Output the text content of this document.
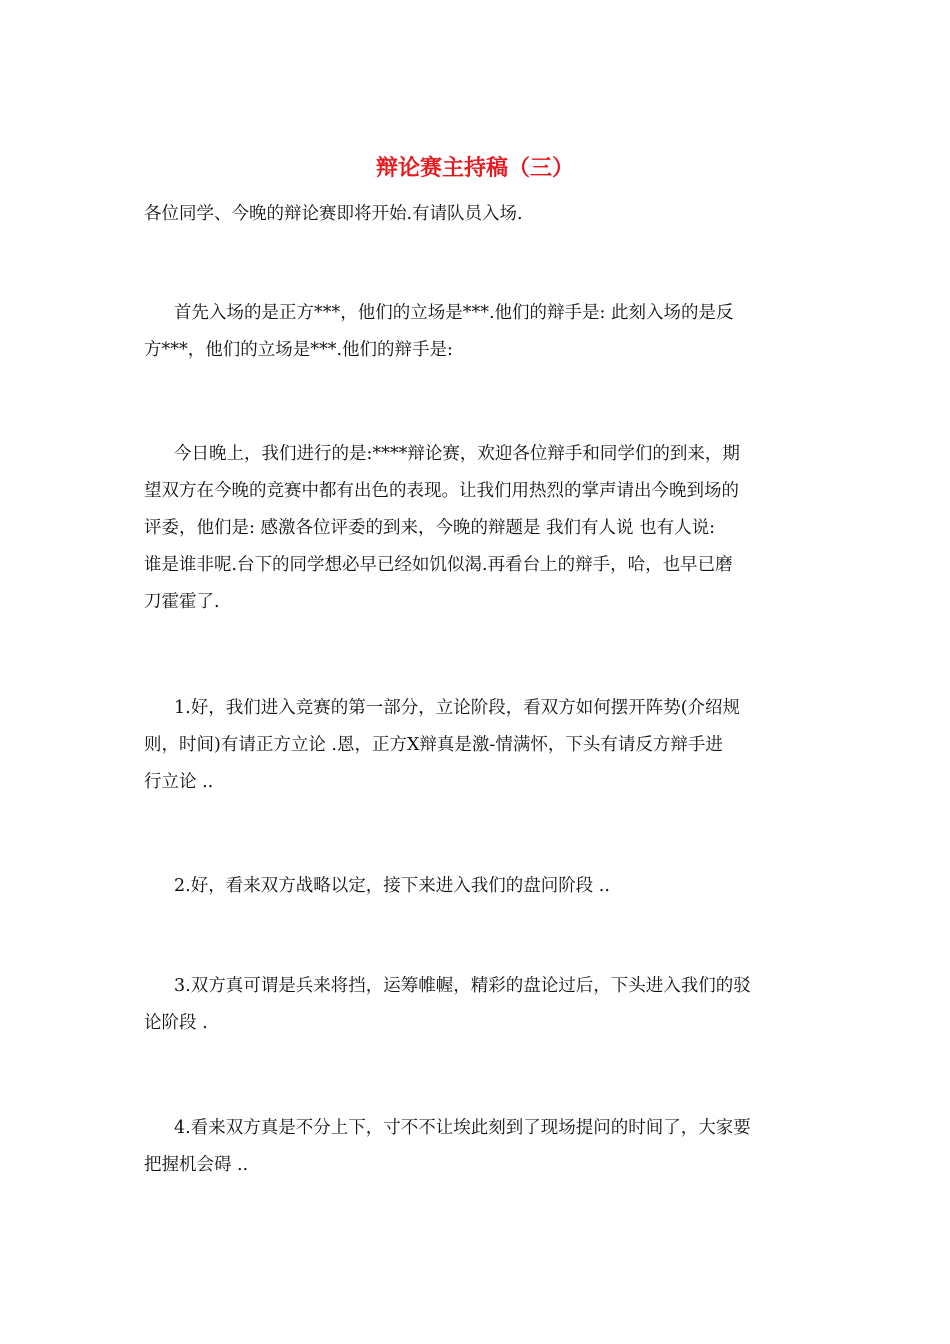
辩论赛主持稿（三）
各位同学、今晚的辩论赛即将开始.有请队员入场.
首先入场的是正方***，他们的立场是***.他们的辩手是: 此刻入场的是反
方***，他们的立场是***.他们的辩手是:
今日晚上，我们进行的是:****辩论赛，欢迎各位辩手和同学们的到来，期
望双方在今晚的竞赛中都有出色的表现。让我们用热烈的掌声请出今晚到场的
评委，他们是: 感激各位评委的到来，今晚的辩题是 我们有人说 也有人说:
谁是谁非呢.台下的同学想必早已经如饥似渴.再看台上的辩手，哈，也早已磨
刀霍霍了.
1.好，我们进入竞赛的第一部分，立论阶段，看双方如何摆开阵势(介绍规
则，时间)有请正方立论 .恩，正方X辩真是激-情满怀，下头有请反方辩手进
行立论 ..
2.好，看来双方战略以定，接下来进入我们的盘问阶段 ..
3.双方真可谓是兵来将挡，运筹帷幄，精彩的盘论过后，下头进入我们的驳
论阶段 .
4.看来双方真是不分上下，寸不不让埃此刻到了现场提问的时间了，大家要
把握机会碍 ..
